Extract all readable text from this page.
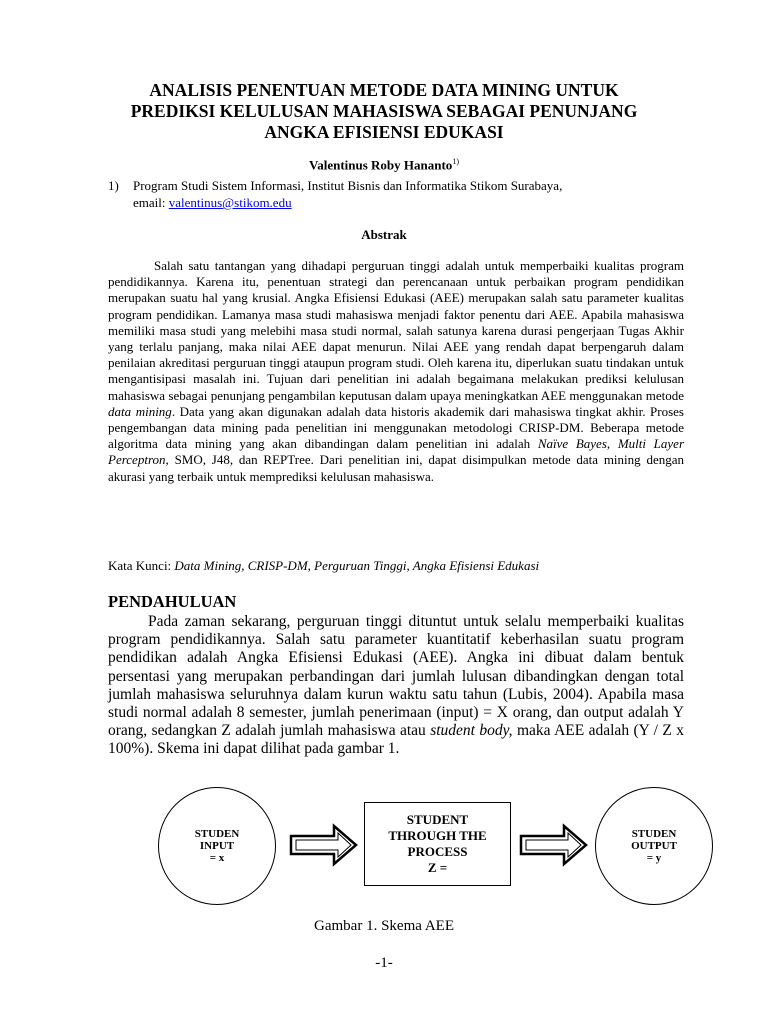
ANALISIS PENENTUAN METODE DATA MINING UNTUK
PREDIKSI KELULUSAN MAHASISWA SEBAGAI PENUNJANG
ANGKA EFISIENSI EDUKASI
Valentinus Roby Hananto$^{1)}$
1) Program Studi Sistem Informasi, Institut Bisnis dan Informatika Stikom Surabaya,
email: valentinus@stikom.edu
Abstrak

Salah satu tantangan yang dihadapi perguruan tinggi adalah untuk memperbaiki kualitas program pendidikannya. Karena itu, penentuan strategi dan perencanaan untuk perbaikan program pendidikan merupakan suatu hal yang krusial. Angka Efisiensi Edukasi (AEE) merupakan salah satu parameter kualitas program pendidikan. Lamanya masa studi mahasiswa menjadi faktor penentu dari AEE. Apabila mahasiswa memiliki masa studi yang melebihi masa studi normal, salah satunya karena durasi pengerjaan Tugas Akhir yang terlalu panjang, maka nilai AEE dapat menurun. Nilai AEE yang rendah dapat berpengaruh dalam penilaian akreditasi perguruan tinggi ataupun program studi. Oleh karena itu, diperlukan suatu tindakan untuk mengantisipasi masalah ini. Tujuan dari penelitian ini adalah begaimana melakukan prediksi kelulusan mahasiswa sebagai penunjang pengambilan keputusan dalam upaya meningkatkan AEE menggunakan metode data mining. Data yang akan digunakan adalah data historis akademik dari mahasiswa tingkat akhir. Proses pengembangan data mining pada penelitian ini menggunakan metodologi CRISP-DM. Beberapa metode algoritma data mining yang akan dibandingan dalam penelitian ini adalah Naïve Bayes, Multi Layer Perceptron, SMO, J48, dan REPTree. Dari penelitian ini, dapat disimpulkan metode data mining dengan akurasi yang terbaik untuk memprediksi kelulusan mahasiswa.

Kata Kunci: Data Mining, CRISP-DM, Perguruan Tinggi, Angka Efisiensi Edukasi
PENDAHULUAN

Pada zaman sekarang, perguruan tinggi dituntut untuk selalu memperbaiki kualitas program pendidikannya. Salah satu parameter kuantitatif keberhasilan suatu program pendidikan adalah Angka Efisiensi Edukasi (AEE). Angka ini dibuat dalam bentuk persentasi yang merupakan perbandingan dari jumlah lulusan dibandingkan dengan total jumlah mahasiswa seluruhnya dalam kurun waktu satu tahun (Lubis, 2004). Apabila masa studi normal adalah 8 semester, jumlah penerimaan (input) = X orang, dan output adalah Y orang, sedangkan Z adalah jumlah mahasiswa atau student body, maka AEE adalah (Y / Z x 100%). Skema ini dapat dilihat pada gambar 1.

STUDEN
INPUT
= x
STUDENT
THROUGH THE
PROCESS
Z =
STUDEN
OUTPUT
= y
Gambar 1. Skema AEE
-1-
